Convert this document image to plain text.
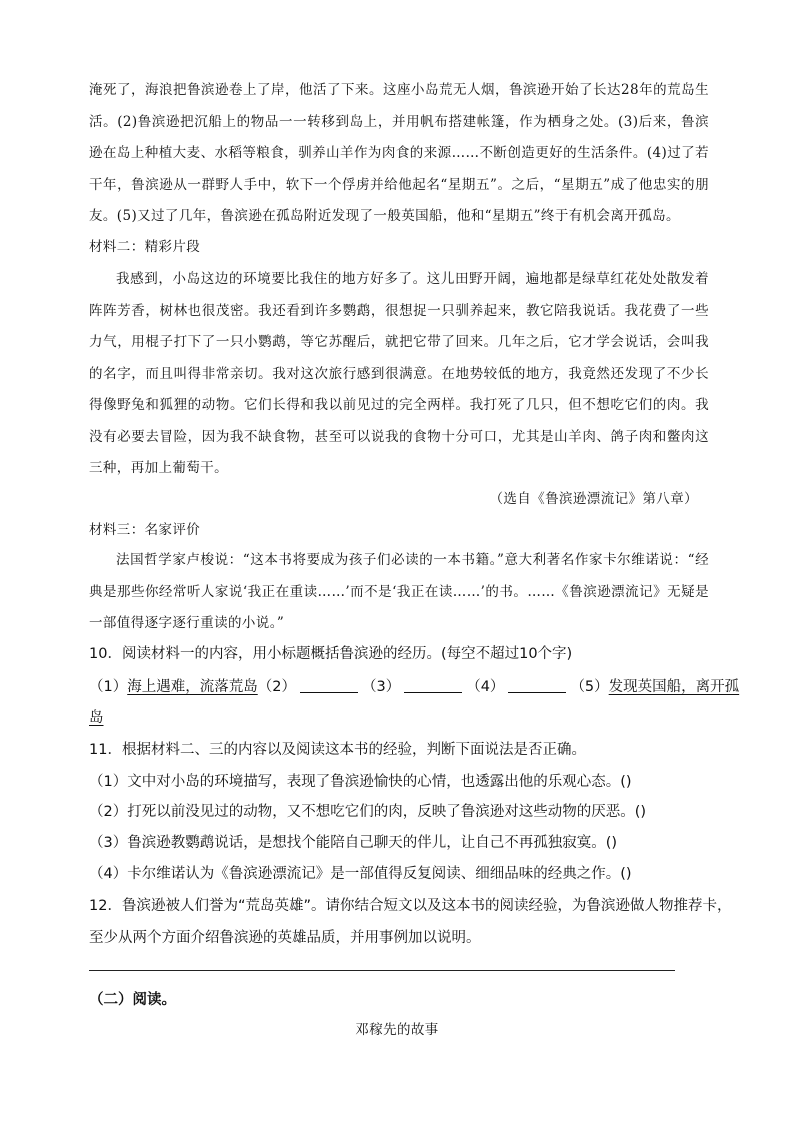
淹死了，海浪把鲁滨逊卷上了岸，他活了下来。这座小岛荒无人烟，鲁滨逊开始了长达28年的荒岛生活。(2)鲁滨逊把沉船上的物品一一转移到岛上，并用帆布搭建帐篷，作为栖身之处。(3)后来，鲁滨逊在岛上种植大麦、水稻等粮食，驯养山羊作为肉食的来源……不断创造更好的生活条件。(4)过了若干年，鲁滨逊从一群野人手中，软下一个俘虏并给他起名“星期五”。之后，“星期五”成了他忠实的朋友。(5)又过了几年，鲁滨逊在孤岛附近发现了一般英国船，他和“星期五”终于有机会离开孤岛。
材料二：精彩片段
我感到，小岛这边的环境要比我住的地方好多了。这儿田野开阔，遍地都是绿草红花处处散发着阵阵芳香，树林也很茂密。我还看到许多鹦鹉，很想捉一只驯养起来，教它陪我说话。我花费了一些力气，用棍子打下了一只小鹦鹉，等它苏醒后，就把它带了回来。几年之后，它才学会说话，会叫我的名字，而且叫得非常亲切。我对这次旅行感到很满意。在地势较低的地方，我竟然还发现了不少长得像野兔和狐狸的动物。它们长得和我以前见过的完全两样。我打死了几只，但不想吃它们的肉。我没有必要去冒险，因为我不缺食物，甚至可以说我的食物十分可口，尤其是山羊肉、鸽子肉和鳖肉这三种，再加上葡萄干。
（选自《鲁滨逊漂流记》第八章）
材料三：名家评价
法国哲学家卢梭说：“这本书将要成为孩子们必读的一本书籍。”意大利著名作家卡尔维诺说：“经典是那些你经常听人家说‘我正在重读……’而不是‘我正在读……’的书。……《鲁滨逊漂流记》无疑是一部值得逐字逐行重读的小说。”
10．阅读材料一的内容，用小标题概括鲁滨逊的经历。(每空不超过10个字)
（1）海上遇难，流落荒岛（2）	（3）	（4）	（5）发现英国船，离开孤
岛
11．根据材料二、三的内容以及阅读这本书的经验，判断下面说法是否正确。
（1）文中对小岛的环境描写，表现了鲁滨逊愉快的心情，也透露出他的乐观心态。()
（2）打死以前没见过的动物，又不想吃它们的肉，反映了鲁滨逊对这些动物的厌恶。()
（3）鲁滨逊教鹦鹉说话，是想找个能陪自己聊天的伴儿，让自己不再孤独寂寞。()
（4）卡尔维诺认为《鲁滨逊漂流记》是一部值得反复阅读、细细品味的经典之作。()
12．鲁滨逊被人们誉为“荒岛英雄”。请你结合短文以及这本书的阅读经验，为鲁滨逊做人物推荐卡，
至少从两个方面介绍鲁滨逊的英雄品质，并用事例加以说明。
（二）阅读。
邓稼先的故事
